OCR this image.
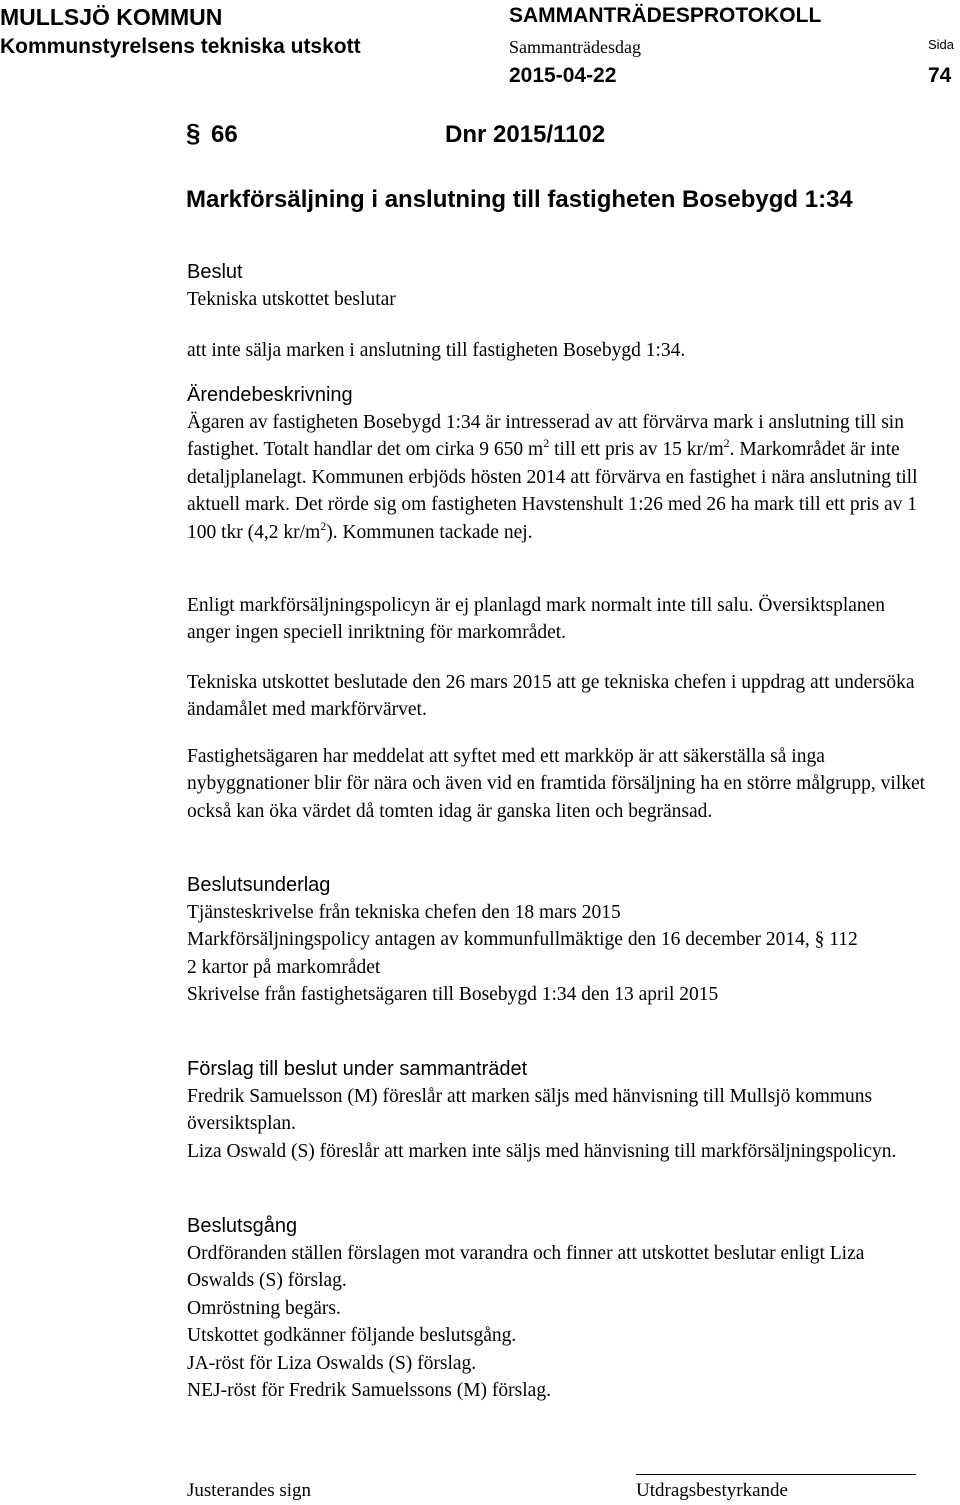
MULLSJÖ KOMMUN
Kommunstyrelsens tekniska utskott
SAMMANTRÄDESPROTOKOLL
Sammanträdesdag
2015-04-22
Sida
74
§ 66	Dnr 2015/1102
Markförsäljning i anslutning till fastigheten Bosebygd 1:34

Beslut

Tekniska utskottet beslutar

att inte sälja marken i anslutning till fastigheten Bosebygd 1:34.

Ärendebeskrivning

Ägaren av fastigheten Bosebygd 1:34 är intresserad av att förvärva mark i anslutning till sin fastighet. Totalt handlar det om cirka 9 650 $m^2$ till ett pris av 15 $kr/m^2$. Markområdet är inte detaljplanelagt. Kommunen erbjöds hösten 2014 att förvärva en fastighet i nära anslutning till aktuell mark. Det rörde sig om fastigheten Havstenshult 1:26 med 26 ha mark till ett pris av 1 100 tkr (4,2 $kr/m^2$). Kommunen tackade nej.

Enligt markförsäljningspolicyn är ej planlagd mark normalt inte till salu. Översiktsplanen anger ingen speciell inriktning för markområdet.

Tekniska utskottet beslutade den 26 mars 2015 att ge tekniska chefen i uppdrag att undersöka ändamålet med markförvärvet.

Fastighetsägaren har meddelat att syftet med ett markköp är att säkerställa så inga nybyggnationer blir för nära och även vid en framtida försäljning ha en större målgrupp, vilket också kan öka värdet då tomten idag är ganska liten och begränsad.

Beslutsunderlag

Tjänsteskrivelse från tekniska chefen den 18 mars 2015

Markförsäljningspolicy antagen av kommunfullmäktige den 16 december 2014, § 112

2 kartor på markområdet

Skrivelse från fastighetsägaren till Bosebygd 1:34 den 13 april 2015

Förslag till beslut under sammanträdet

Fredrik Samuelsson (M) föreslår att marken säljs med hänvisning till Mullsjö kommuns översiktsplan.

Liza Oswald (S) föreslår att marken inte säljs med hänvisning till markförsäljningspolicyn.

Beslutsgång

Ordföranden ställen förslagen mot varandra och finner att utskottet beslutar enligt Liza Oswalds (S) förslag.

Omröstning begärs.

Utskottet godkänner följande beslutsgång.

JA-röst för Liza Oswalds (S) förslag.

NEJ-röst för Fredrik Samuelssons (M) förslag.

Justerandes sign	Utdragsbestyrkande
